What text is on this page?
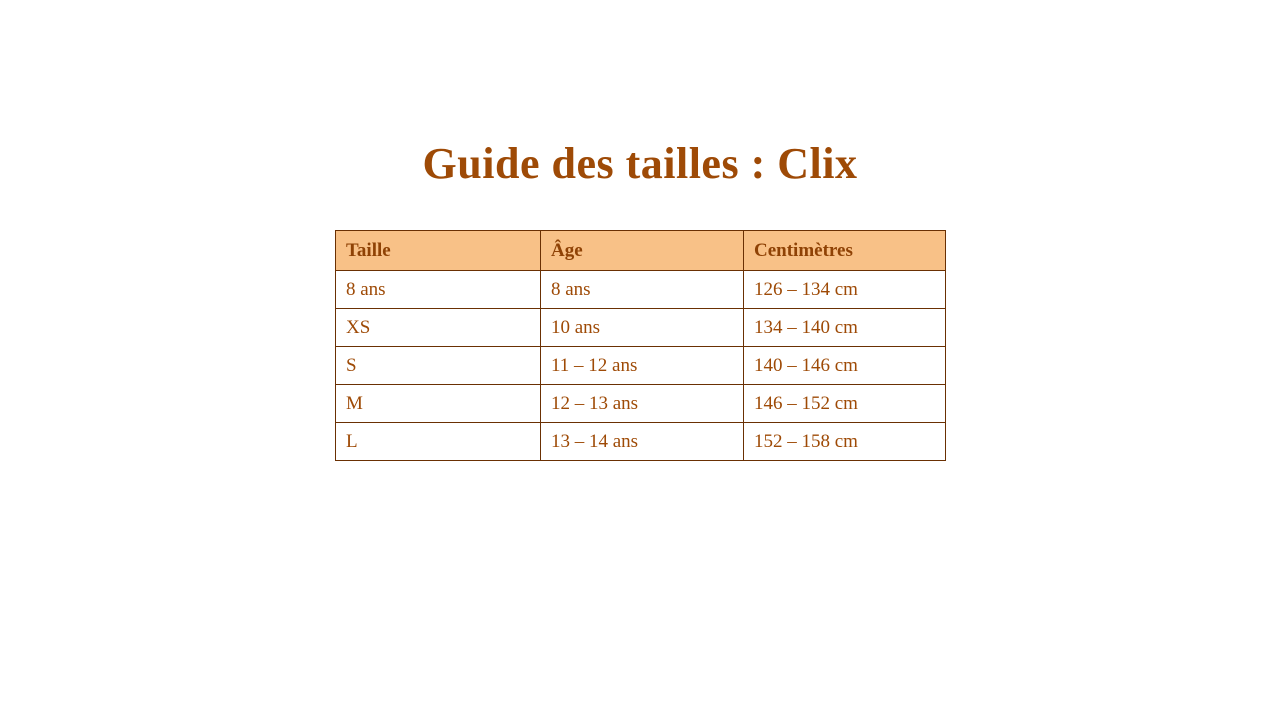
Guide des tailles : Clix
Taille	Âge	Centimètres
8 ans	8 ans	126 – 134 cm
XS	10 ans	134 – 140 cm
S	11 – 12 ans	140 – 146 cm
M	12 – 13 ans	146 – 152 cm
L	13 – 14 ans	152 – 158 cm
